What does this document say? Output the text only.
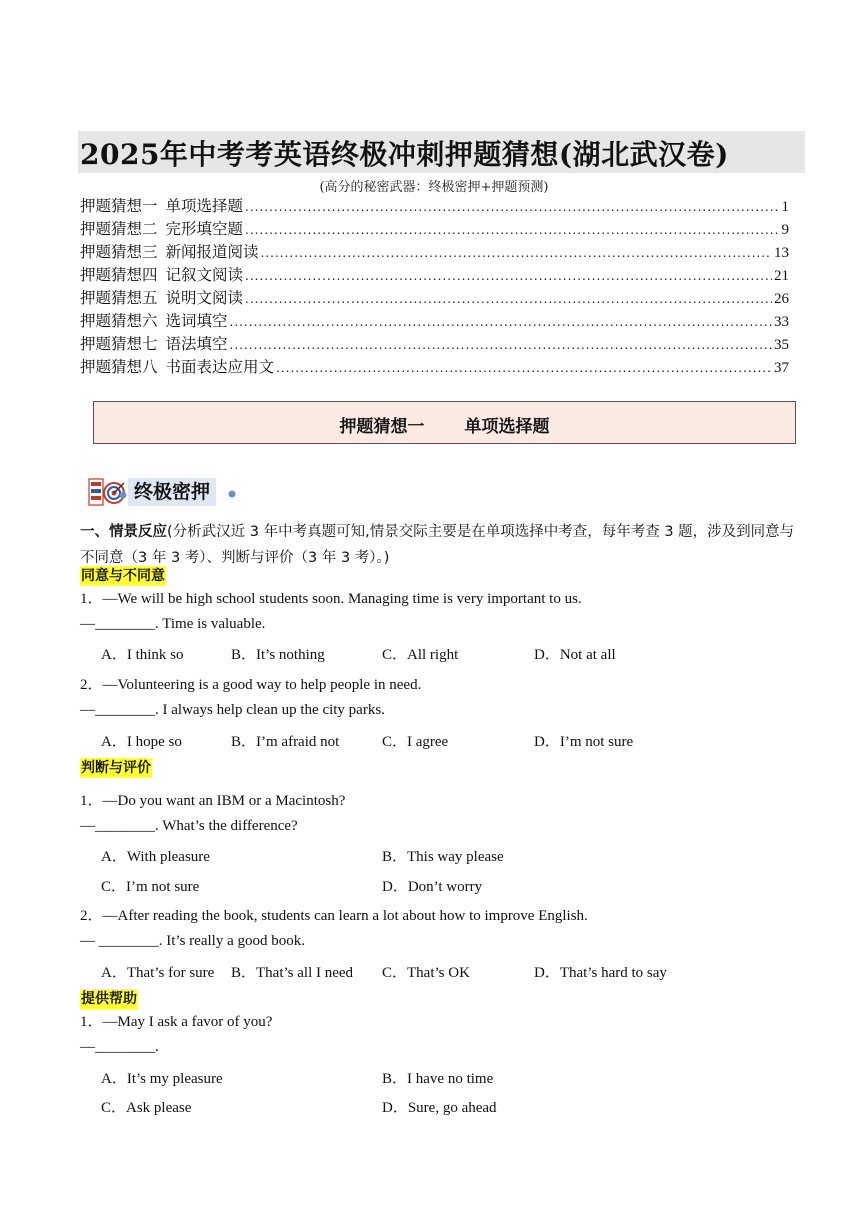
2025年中考考英语终极冲刺押题猜想(湖北武汉卷)
(高分的秘密武器：终极密押+押题预测)
押题猜想一 单项选择题 .....	1
押题猜想二 完形填空题 .....	9
押题猜想三 新闻报道阅读 .....	13
押题猜想四 记叙文阅读 .....	21
押题猜想五 说明文阅读 .....	26
押题猜想六 选词填空 .....	33
押题猜想七 语法填空 .....	35
押题猜想八 书面表达应用文 .....	37
押题猜想一 单项选择题
终极密押
一、情景反应(分析武汉近 3 年中考真题可知,情景交际主要是在单项选择中考查，每年考查 3 题，涉及到同意与不同意（3 年 3 考）、判断与评价（3 年 3 考）。)
同意与不同意
1．—We will be high school students soon. Managing time is very important to us.
—________. Time is valuable.
A．I think so	B．It’s nothing	C．All right	D．Not at all
2．—Volunteering is a good way to help people in need.
—________. I always help clean up the city parks.
A．I hope so	B．I’m afraid not	C．I agree	D．I’m not sure
判断与评价
1．—Do you want an IBM or a Macintosh?
—________. What’s the difference?
A．With pleasure	B．This way please
C．I’m not sure	D．Don’t worry
2．—After reading the book, students can learn a lot about how to improve English.
— ________. It’s really a good book.
A．That’s for sure B．That’s all I need C．That’s OK	D．That’s hard to say
提供帮助
1．—May I ask a favor of you?
—________.
A．It’s my pleasure	B．I have no time
C．Ask please	D．Sure, go ahead
